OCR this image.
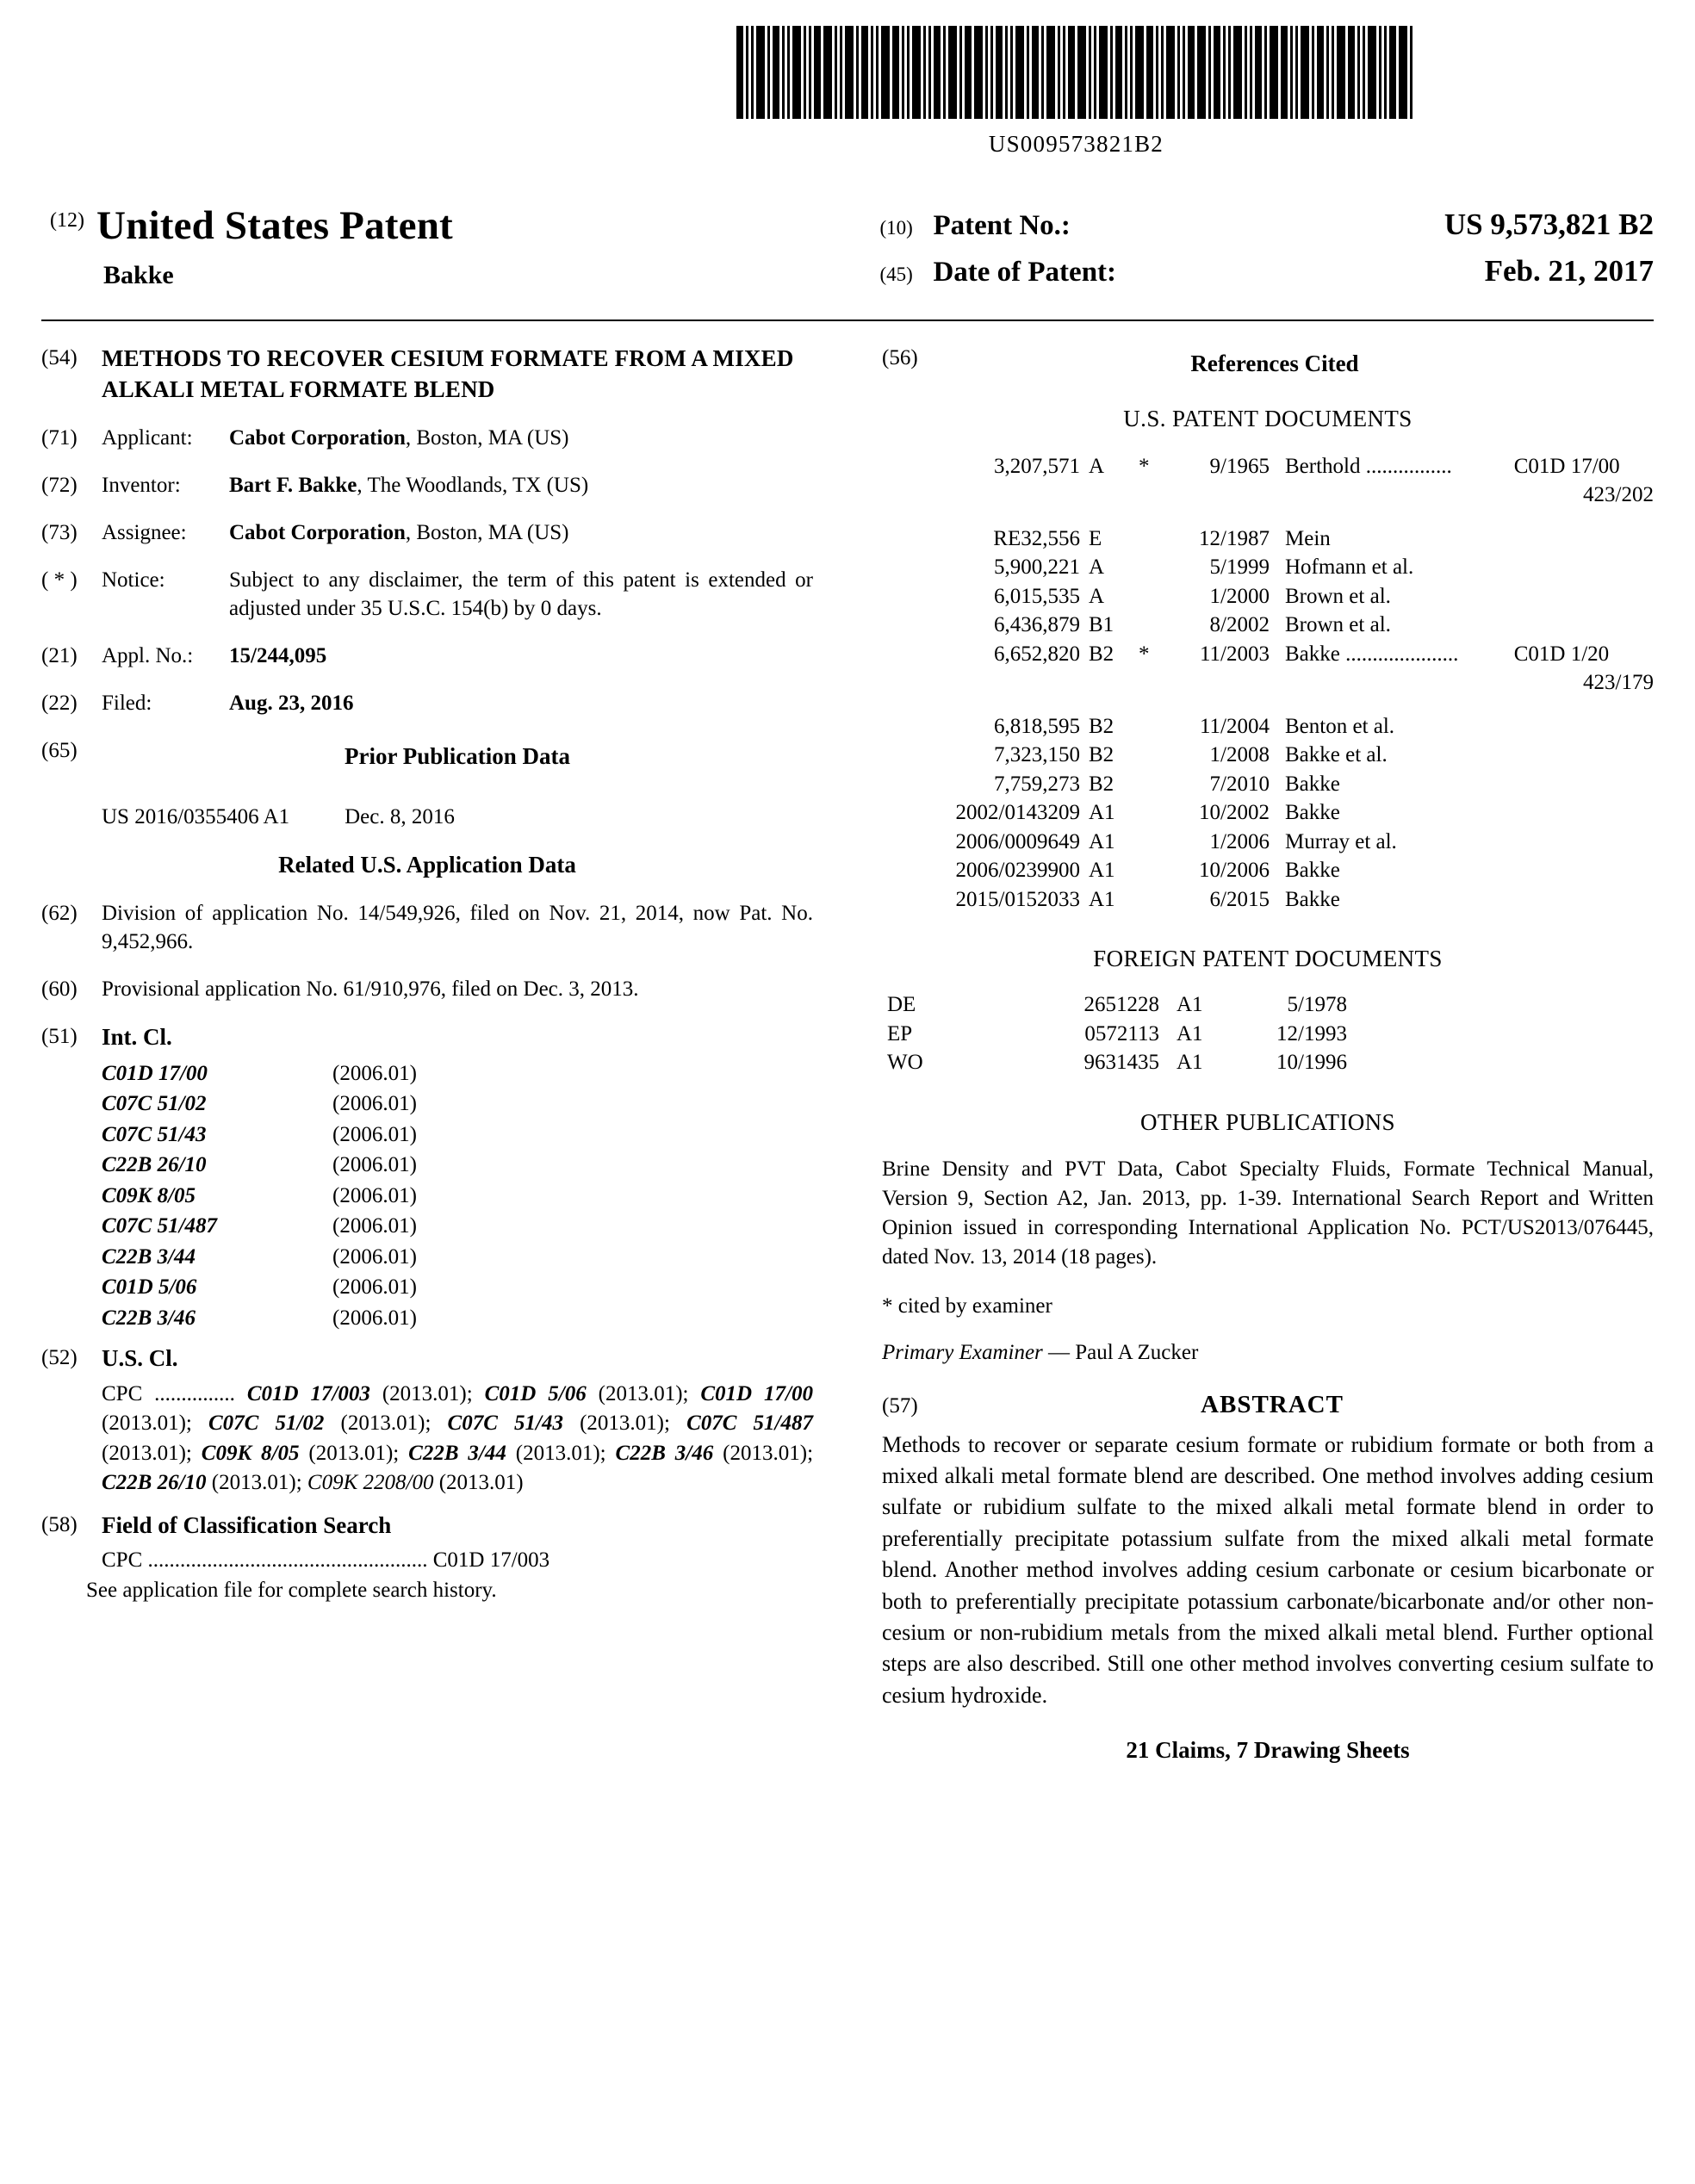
US009573821B2
(12) United States Patent
Bakke
(10) Patent No.:	US 9,573,821 B2
(45) Date of Patent:	Feb. 21, 2017
(54)	METHODS TO RECOVER CESIUM FORMATE FROM A MIXED ALKALI METAL FORMATE BLEND
(71)	Applicant:	Cabot Corporation, Boston, MA (US)
(72)	Inventor:	Bart F. Bakke, The Woodlands, TX (US)
(73)	Assignee:	Cabot Corporation, Boston, MA (US)
( * )	Notice:	Subject to any disclaimer, the term of this patent is extended or adjusted under 35 U.S.C. 154(b) by 0 days.
(21)	Appl. No.:	15/244,095
(22)	Filed:	Aug. 23, 2016
(65)	Prior Publication Data
US 2016/0355406 A1	Dec. 8, 2016
Related U.S. Application Data
(62)	Division of application No. 14/549,926, filed on Nov. 21, 2014, now Pat. No. 9,452,966.
(60)	Provisional application No. 61/910,976, filed on Dec. 3, 2013.
(51)	Int. Cl.
C01D 17/00	(2006.01)
C07C 51/02	(2006.01)
C07C 51/43	(2006.01)
C22B 26/10	(2006.01)
C09K 8/05	(2006.01)
C07C 51/487	(2006.01)
C22B 3/44	(2006.01)
C01D 5/06	(2006.01)
C22B 3/46	(2006.01)
(52)	U.S. Cl.
CPC ............... C01D 17/003 (2013.01); C01D 5/06 (2013.01); C01D 17/00 (2013.01); C07C 51/02 (2013.01); C07C 51/43 (2013.01); C07C 51/487 (2013.01); C09K 8/05 (2013.01); C22B 3/44 (2013.01); C22B 3/46 (2013.01); C22B 26/10 (2013.01); C09K 2208/00 (2013.01)
(58)	Field of Classification Search
CPC .................................................... C01D 17/003
See application file for complete search history.
(56)	References Cited
U.S. PATENT DOCUMENTS
3,207,571	A	*	9/1965	Berthold ................	C01D 17/00
423/202					

RE32,556	E		12/1987	Mein	
5,900,221	A		5/1999	Hofmann et al.	
6,015,535	A		1/2000	Brown et al.	
6,436,879	B1		8/2002	Brown et al.	
6,652,820	B2	*	11/2003	Bakke .....................	C01D 1/20
423/179					

6,818,595	B2		11/2004	Benton et al.	
7,323,150	B2		1/2008	Bakke et al.	
7,759,273	B2		7/2010	Bakke	
2002/0143209	A1		10/2002	Bakke	
2006/0009649	A1		1/2006	Murray et al.	
2006/0239900	A1		10/2006	Bakke	
2015/0152033	A1		6/2015	Bakke	
FOREIGN PATENT DOCUMENTS
DE	2651228	A1	5/1978
EP	0572113	A1	12/1993
WO	9631435	A1	10/1996
OTHER PUBLICATIONS
Brine Density and PVT Data, Cabot Specialty Fluids, Formate Technical Manual, Version 9, Section A2, Jan. 2013, pp. 1-39. International Search Report and Written Opinion issued in corresponding International Application No. PCT/US2013/076445, dated Nov. 13, 2014 (18 pages).
* cited by examiner
Primary Examiner — Paul A Zucker
(57)	ABSTRACT
Methods to recover or separate cesium formate or rubidium formate or both from a mixed alkali metal formate blend are described. One method involves adding cesium sulfate or rubidium sulfate to the mixed alkali metal formate blend in order to preferentially precipitate potassium sulfate from the mixed alkali metal formate blend. Another method involves adding cesium carbonate or cesium bicarbonate or both to preferentially precipitate potassium carbonate/bicarbonate and/or other non-cesium or non-rubidium metals from the mixed alkali metal blend. Further optional steps are also described. Still one other method involves converting cesium sulfate to cesium hydroxide.
21 Claims, 7 Drawing Sheets
